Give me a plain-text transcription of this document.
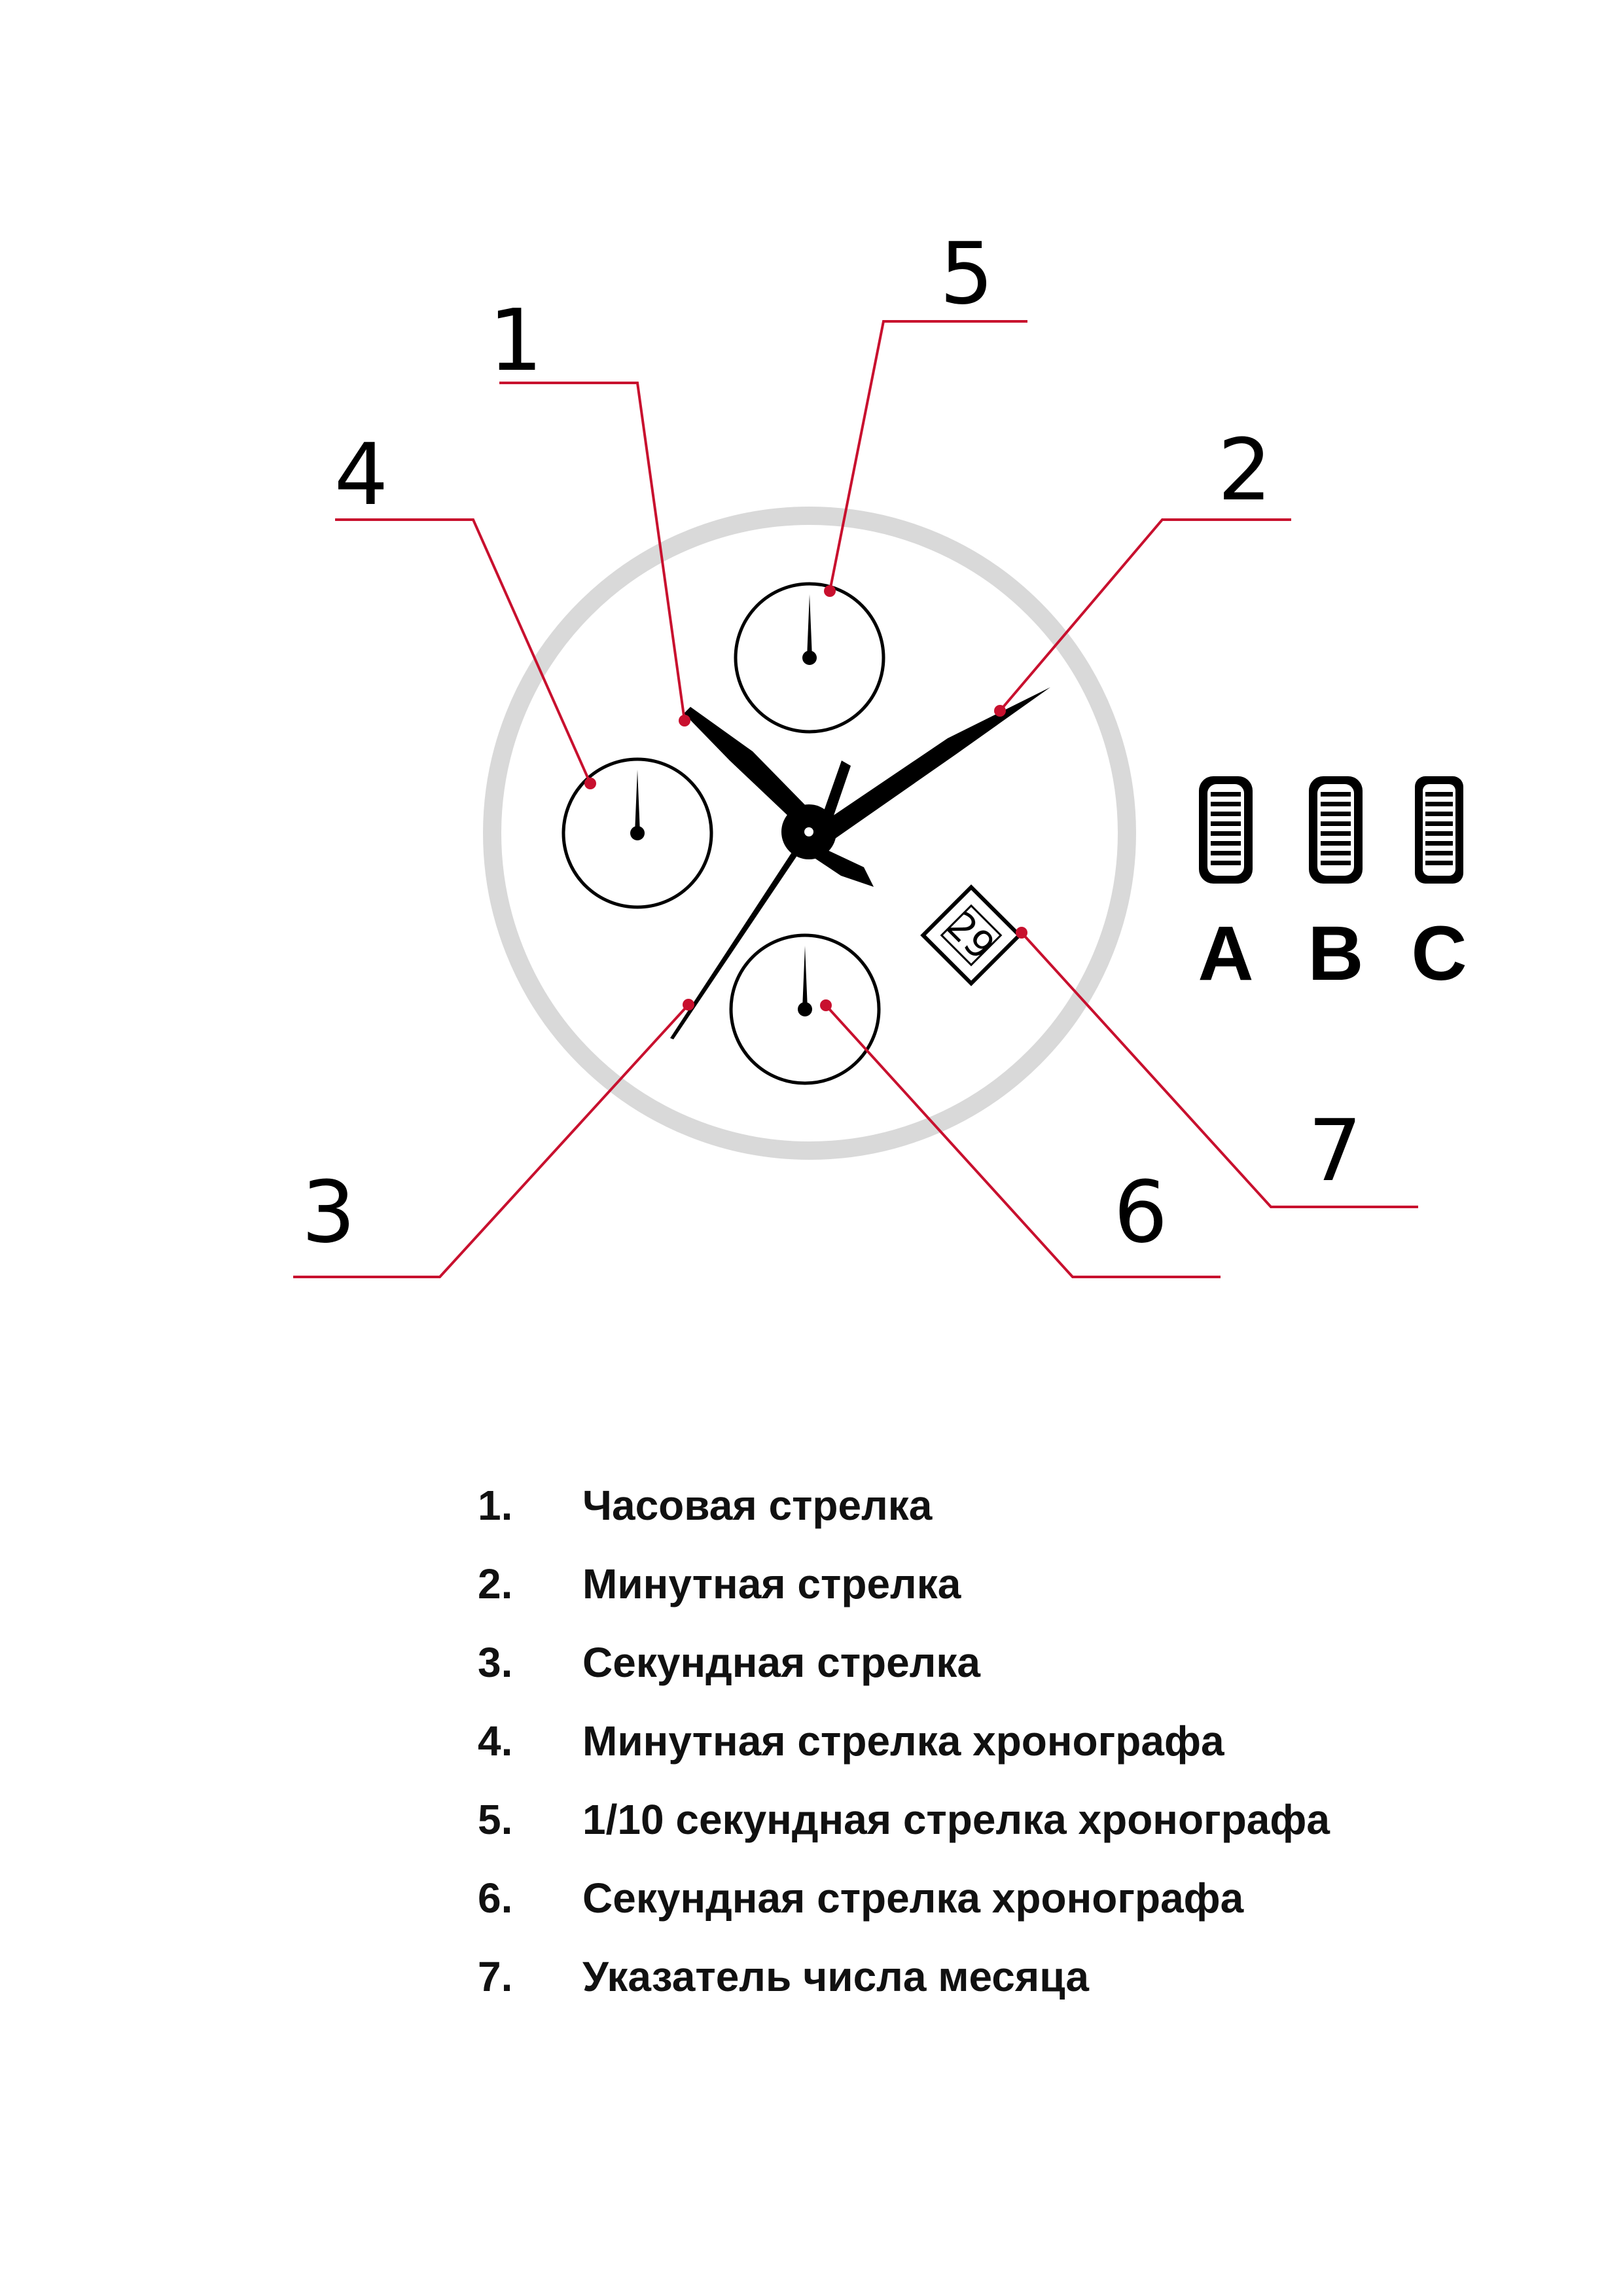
29
1
2
3
4
5
6
7
A B C
1.	Часовая стрелка
2.	Минутная стрелка
3.	Секундная стрелка
4.	Минутная стрелка хронографа
5.	1/10 секундная стрелка хронографа
6.	Секундная стрелка хронографа
7.	Указатель числа месяца
